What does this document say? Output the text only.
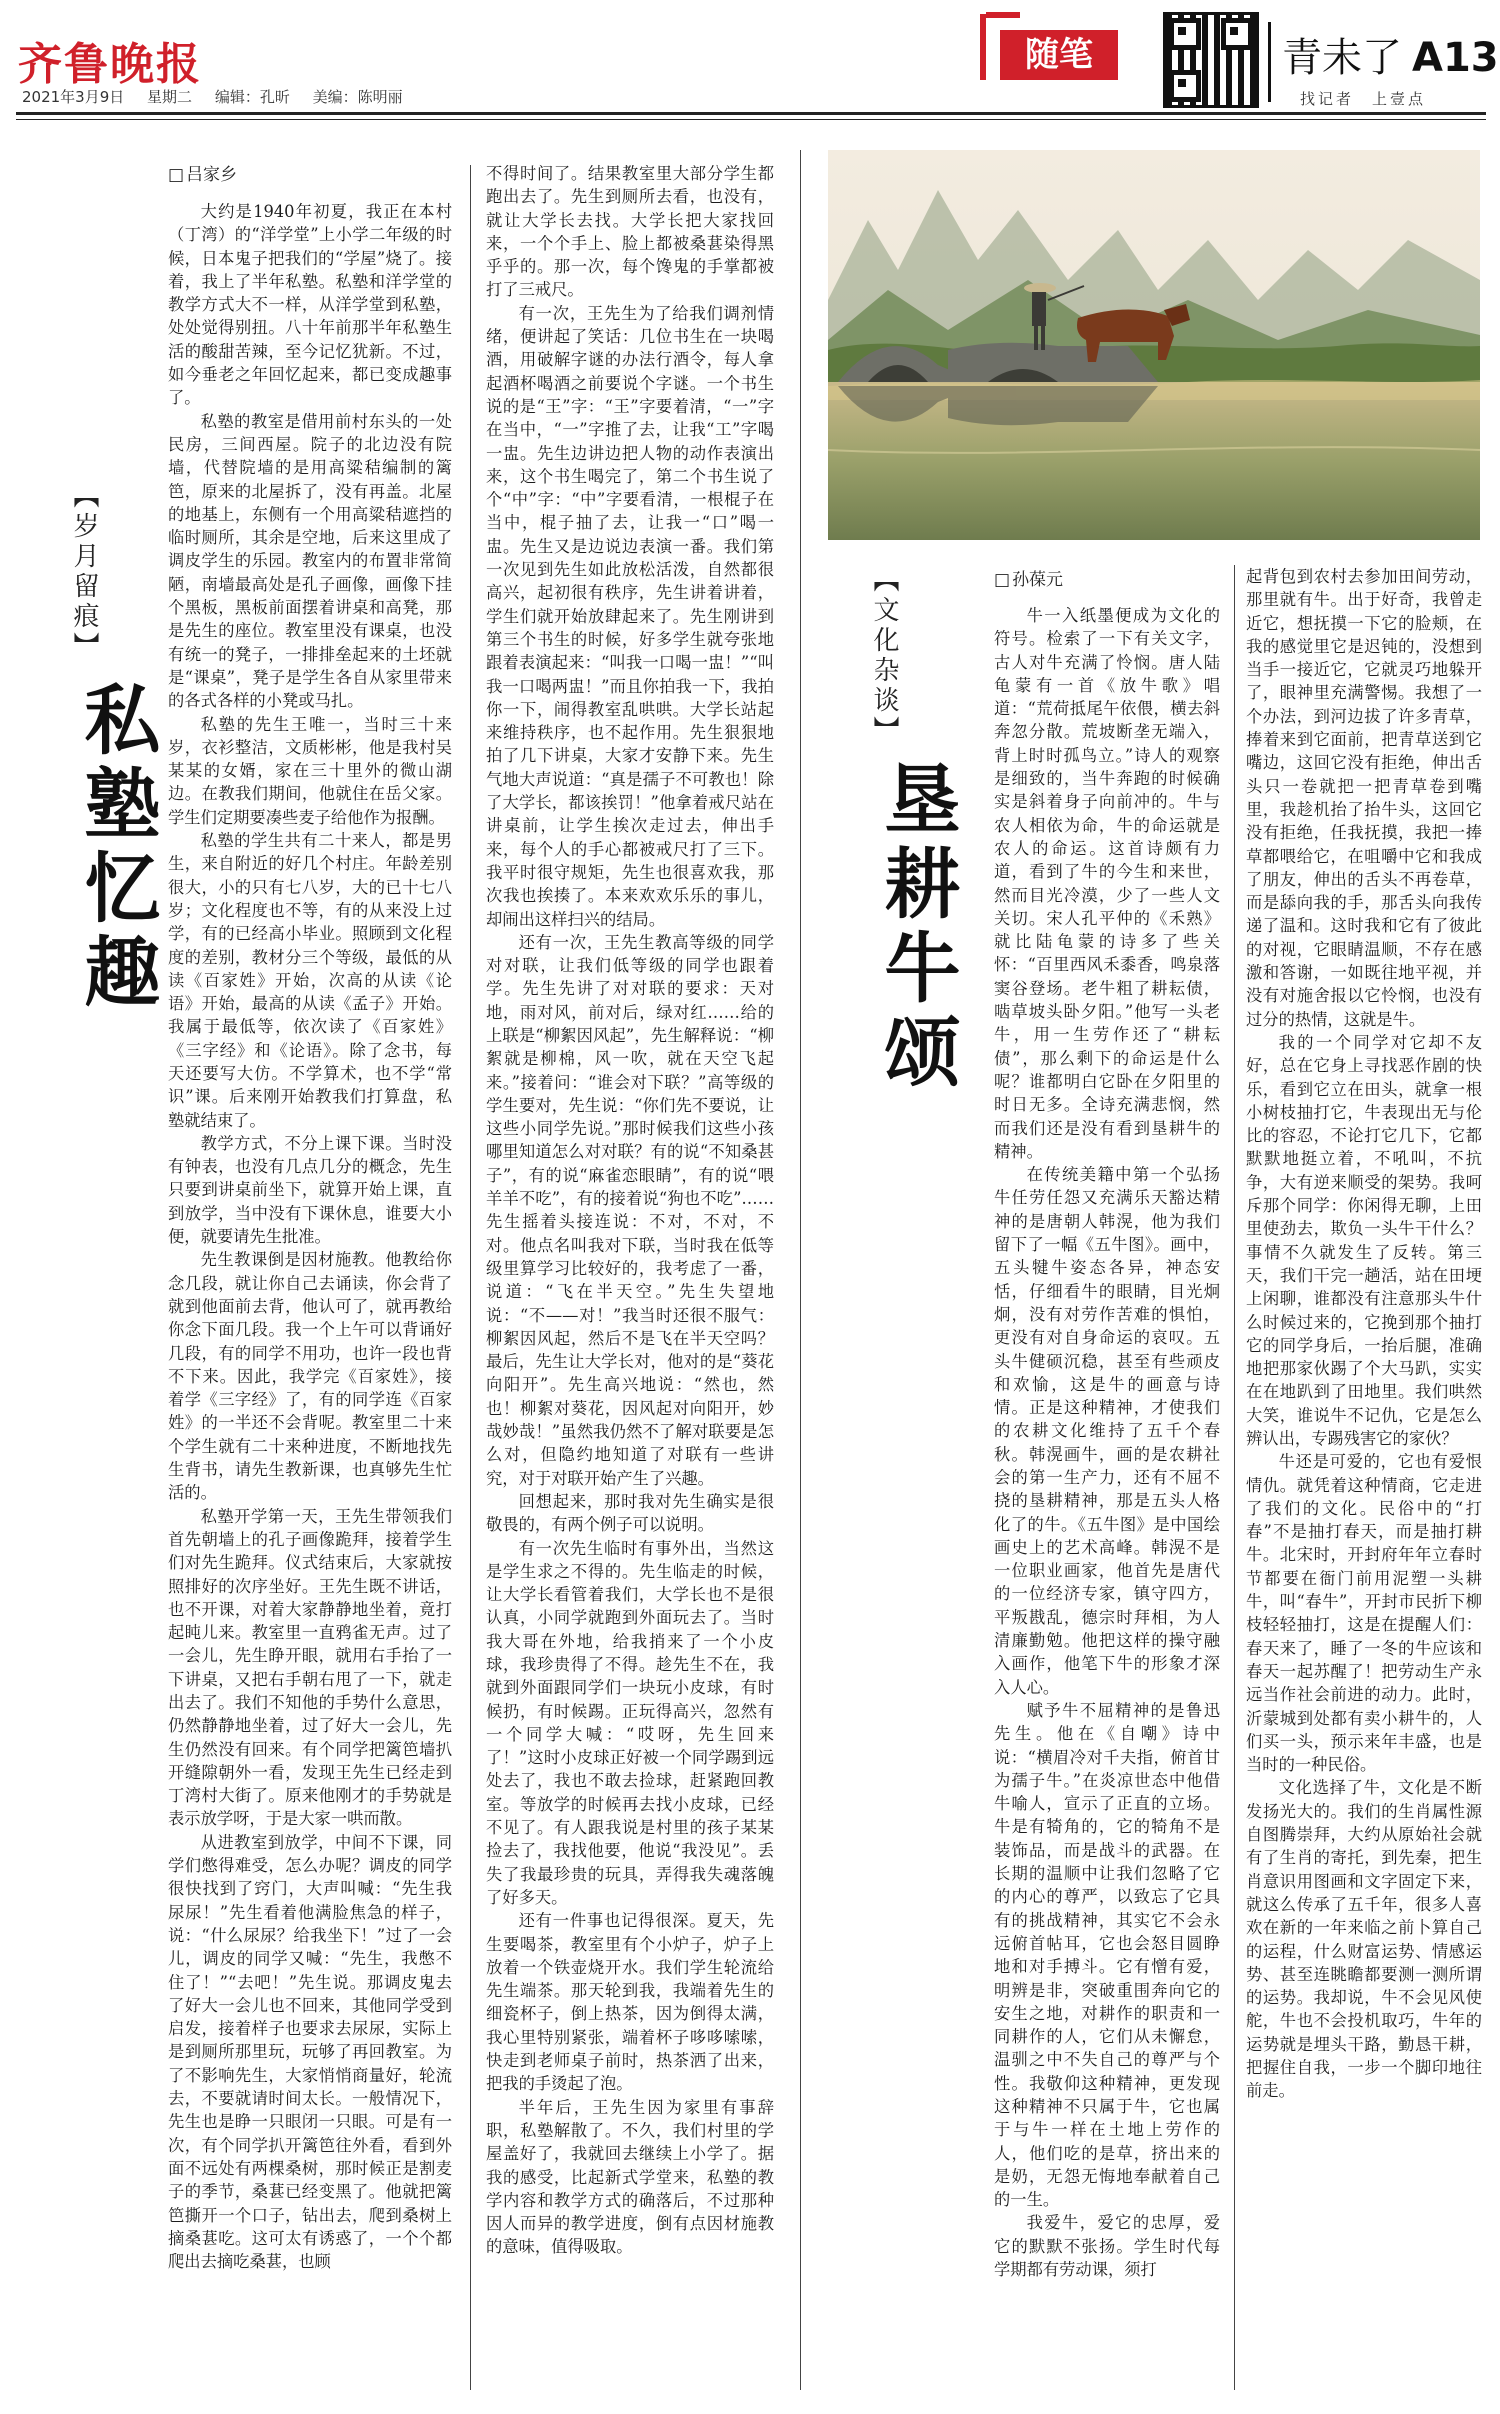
齐鲁晚报
2021年3月9日 星期二 编辑：孔昕 美编：陈明丽
随笔	青未了 A13
找记者　上壹点
【岁月留痕】
私塾忆趣
□ 吕家乡

大约是1940年初夏，我正在本村（丁湾）的“洋学堂”上小学二年级的时候，日本鬼子把我们的“学屋”烧了。接着，我上了半年私塾。私塾和洋学堂的教学方式大不一样，从洋学堂到私塾，处处觉得别扭。八十年前那半年私塾生活的酸甜苦辣，至今记忆犹新。不过，如今垂老之年回忆起来，都已变成趣事了。

私塾的教室是借用前村东头的一处民房，三间西屋。院子的北边没有院墙，代替院墙的是用高粱秸编制的篱笆，原来的北屋拆了，没有再盖。北屋的地基上，东侧有一个用高粱秸遮挡的临时厕所，其余是空地，后来这里成了调皮学生的乐园。教室内的布置非常简陋，南墙最高处是孔子画像，画像下挂个黑板，黑板前面摆着讲桌和高凳，那是先生的座位。教室里没有课桌，也没有统一的凳子，一排排垒起来的土坯就是“课桌”，凳子是学生各自从家里带来的各式各样的小凳或马扎。

私塾的先生王唯一，当时三十来岁，衣衫整洁，文质彬彬，他是我村吴某某的女婿，家在三十里外的微山湖边。在教我们期间，他就住在岳父家。学生们定期要凑些麦子给他作为报酬。

私塾的学生共有二十来人，都是男生，来自附近的好几个村庄。年龄差别很大，小的只有七八岁，大的已十七八岁；文化程度也不等，有的从来没上过学，有的已经高小毕业。照顾到文化程度的差别，教材分三个等级，最低的从读《百家姓》开始，次高的从读《论语》开始，最高的从读《孟子》开始。我属于最低等，依次读了《百家姓》《三字经》和《论语》。除了念书，每天还要写大仿。不学算术，也不学“常识”课。后来刚开始教我们打算盘，私塾就结束了。

教学方式，不分上课下课。当时没有钟表，也没有几点几分的概念，先生只要到讲桌前坐下，就算开始上课，直到放学，当中没有下课休息，谁要大小便，就要请先生批准。

先生教课倒是因材施教。他教给你念几段，就让你自己去诵读，你会背了就到他面前去背，他认可了，就再教给你念下面几段。我一个上午可以背诵好几段，有的同学不用功，也许一段也背不下来。因此，我学完《百家姓》，接着学《三字经》了，有的同学连《百家姓》的一半还不会背呢。教室里二十来个学生就有二十来种进度，不断地找先生背书，请先生教新课，也真够先生忙活的。

私塾开学第一天，王先生带领我们首先朝墙上的孔子画像跪拜，接着学生们对先生跪拜。仪式结束后，大家就按照排好的次序坐好。王先生既不讲话，也不开课，对着大家静静地坐着，竟打起盹儿来。教室里一直鸦雀无声。过了一会儿，先生睁开眼，就用右手抬了一下讲桌，又把右手朝右甩了一下，就走出去了。我们不知他的手势什么意思，仍然静静地坐着，过了好大一会儿，先生仍然没有回来。有个同学把篱笆墙扒开缝隙朝外一看，发现王先生已经走到丁湾村大街了。原来他刚才的手势就是表示放学呀，于是大家一哄而散。

从进教室到放学，中间不下课，同学们憋得难受，怎么办呢？调皮的同学很快找到了窍门，大声叫喊：“先生我尿尿！”先生看着他满脸焦急的样子，说：“什么尿尿？给我坐下！”过了一会儿，调皮的同学又喊：“先生，我憋不住了！”“去吧！”先生说。那调皮鬼去了好大一会儿也不回来，其他同学受到启发，接着样子也要求去尿尿，实际上是到厕所那里玩，玩够了再回教室。为了不影响先生，大家悄悄商量好，轮流去，不要就请时间太长。一般情况下，先生也是睁一只眼闭一只眼。可是有一次，有个同学扒开篱笆往外看，看到外面不远处有两棵桑树，那时候正是割麦子的季节，桑葚已经变黑了。他就把篱笆撕开一个口子，钻出去，爬到桑树上摘桑葚吃。这可太有诱惑了，一个个都爬出去摘吃桑葚，也顾

不得时间了。结果教室里大部分学生都跑出去了。先生到厕所去看，也没有，就让大学长去找。大学长把大家找回来，一个个手上、脸上都被桑葚染得黑乎乎的。那一次，每个馋鬼的手掌都被打了三戒尺。

有一次，王先生为了给我们调剂情绪，便讲起了笑话：几位书生在一块喝酒，用破解字谜的办法行酒令，每人拿起酒杯喝酒之前要说个字谜。一个书生说的是“王”字：“王”字要着清，“一”字在当中，“一”字推了去，让我“工”字喝一盅。先生边讲边把人物的动作表演出来，这个书生喝完了，第二个书生说了个“中”字：“中”字要看清，一根棍子在当中，棍子抽了去，让我一“口”喝一盅。先生又是边说边表演一番。我们第一次见到先生如此放松活泼，自然都很高兴，起初很有秩序，先生讲着讲着，学生们就开始放肆起来了。先生刚讲到第三个书生的时候，好多学生就夸张地跟着表演起来：“叫我一口喝一盅！”“叫我一口喝两盅！”而且你拍我一下，我拍你一下，闹得教室乱哄哄。大学长站起来维持秩序，也不起作用。先生狠狠地拍了几下讲桌，大家才安静下来。先生气地大声说道：“真是孺子不可教也！除了大学长，都该挨罚！”他拿着戒尺站在讲桌前，让学生挨次走过去，伸出手来，每个人的手心都被戒尺打了三下。我平时很守规矩，先生也很喜欢我，那次我也挨揍了。本来欢欢乐乐的事儿，却闹出这样扫兴的结局。

还有一次，王先生教高等级的同学对对联，让我们低等级的同学也跟着学。先生先讲了对对联的要求：天对地，雨对风，前对后，绿对红……给的上联是“柳絮因风起”，先生解释说：“柳絮就是柳棉，风一吹，就在天空飞起来。”接着问：“谁会对下联？”高等级的学生要对，先生说：“你们先不要说，让这些小同学先说。”那时候我们这些小孩哪里知道怎么对对联？有的说“不知桑甚子”，有的说“麻雀恋眼睛”，有的说“喂羊羊不吃”，有的接着说“狗也不吃”……先生摇着头接连说：不对，不对，不对。他点名叫我对下联，当时我在低等级里算学习比较好的，我考虑了一番，说道：“飞在半天空。”先生失望地说：“不——对！”我当时还很不服气：柳絮因风起，然后不是飞在半天空吗？最后，先生让大学长对，他对的是“葵花向阳开”。先生高兴地说：“然也，然也！柳絮对葵花，因风起对向阳开，妙哉妙哉！”虽然我仍然不了解对联要是怎么对，但隐约地知道了对联有一些讲究，对于对联开始产生了兴趣。

回想起来，那时我对先生确实是很敬畏的，有两个例子可以说明。

有一次先生临时有事外出，当然这是学生求之不得的。先生临走的时候，让大学长看管着我们，大学长也不是很认真，小同学就跑到外面玩去了。当时我大哥在外地，给我捎来了一个小皮球，我珍贵得了不得。趁先生不在，我就到外面跟同学们一块玩小皮球，有时候扔，有时候踢。正玩得高兴，忽然有一个同学大喊：“哎呀，先生回来了！”这时小皮球正好被一个同学踢到远处去了，我也不敢去捡球，赶紧跑回教室。等放学的时候再去找小皮球，已经不见了。有人跟我说是村里的孩子某某捡去了，我找他要，他说“我没见”。丢失了我最珍贵的玩具，弄得我失魂落魄了好多天。

还有一件事也记得很深。夏天，先生要喝茶，教室里有个小炉子，炉子上放着一个铁壶烧开水。我们学生轮流给先生端茶。那天轮到我，我端着先生的细瓷杯子，倒上热茶，因为倒得太满，我心里特别紧张，端着杯子哆哆嗦嗦，快走到老师桌子前时，热茶洒了出来，把我的手烫起了泡。

半年后，王先生因为家里有事辞职，私塾解散了。不久，我们村里的学屋盖好了，我就回去继续上小学了。据我的感受，比起新式学堂来，私塾的教学内容和教学方式的确落后，不过那种因人而异的教学进度，倒有点因材施教的意味，值得吸取。

【文化杂谈】
垦耕牛颂
□ 孙葆元

牛一入纸墨便成为文化的符号。检索了一下有关文字，古人对牛充满了怜悯。唐人陆龟蒙有一首《放牛歌》唱道：“荒荷抵尾午依偎，横去斜奔忽分散。荒坡断垄无端入，背上时时孤鸟立。”诗人的观察是细致的，当牛奔跑的时候确实是斜着身子向前冲的。牛与农人相依为命，牛的命运就是农人的命运。这首诗颇有力道，看到了牛的今生和来世，然而目光冷漠，少了一些人文关切。宋人孔平仲的《禾熟》就比陆龟蒙的诗多了些关怀：“百里西风禾黍香，鸣泉落窦谷登场。老牛粗了耕耘债，啮草坡头卧夕阳。”他写一头老牛，用一生劳作还了“耕耘债”，那么剩下的命运是什么呢？谁都明白它卧在夕阳里的时日无多。全诗充满悲悯，然而我们还是没有看到垦耕牛的精神。

在传统美籍中第一个弘扬牛任劳任怨又充满乐天豁达精神的是唐朝人韩滉，他为我们留下了一幅《五牛图》。画中，五头犍牛姿态各异，神态安恬，仔细看牛的眼睛，目光炯炯，没有对劳作苦难的惧怕，更没有对自身命运的哀叹。五头牛健硕沉稳，甚至有些顽皮和欢愉，这是牛的画意与诗情。正是这种精神，才使我们的农耕文化维持了五千个春秋。韩滉画牛，画的是农耕社会的第一生产力，还有不屈不挠的垦耕精神，那是五头人格化了的牛。《五牛图》是中国绘画史上的艺术高峰。韩滉不是一位职业画家，他首先是唐代的一位经济专家，镇守四方，平叛戡乱，德宗时拜相，为人清廉勤勉。他把这样的操守融入画作，他笔下牛的形象才深入人心。

赋予牛不屈精神的是鲁迅先生。他在《自嘲》诗中说：“横眉冷对千夫指，俯首甘为孺子牛。”在炎凉世态中他借牛喻人，宣示了正直的立场。牛是有犄角的，它的犄角不是装饰品，而是战斗的武器。在长期的温顺中让我们忽略了它的内心的尊严，以致忘了它具有的挑战精神，其实它不会永远俯首帖耳，它也会怒目圆睁地和对手搏斗。它有憎有爱，明辨是非，突破重围奔向它的安生之地，对耕作的职责和一同耕作的人，它们从未懈怠，温驯之中不失自己的尊严与个性。我敬仰这种精神，更发现这种精神不只属于牛，它也属于与牛一样在土地上劳作的人，他们吃的是草，挤出来的是奶，无怨无悔地奉献着自己的一生。

我爱牛，爱它的忠厚，爱它的默默不张扬。学生时代每学期都有劳动课，须打

起背包到农村去参加田间劳动，那里就有牛。出于好奇，我曾走近它，想抚摸一下它的脸颊，在我的感觉里它是迟钝的，没想到当手一接近它，它就灵巧地躲开了，眼神里充满警惕。我想了一个办法，到河边拔了许多青草，捧着来到它面前，把青草送到它嘴边，这回它没有拒绝，伸出舌头只一卷就把一把青草卷到嘴里，我趁机抬了抬牛头，这回它没有拒绝，任我抚摸，我把一捧草都喂给它，在咀嚼中它和我成了朋友，伸出的舌头不再卷草，而是舔向我的手，那舌头向我传递了温和。这时我和它有了彼此的对视，它眼睛温顺，不存在感激和答谢，一如既往地平视，并没有对施舍报以它怜悯，也没有过分的热情，这就是牛。

我的一个同学对它却不友好，总在它身上寻找恶作剧的快乐，看到它立在田头，就拿一根小树枝抽打它，牛表现出无与伦比的容忍，不论打它几下，它都默默地挺立着，不吼叫，不抗争，大有逆来顺受的架势。我呵斥那个同学：你闲得无聊，上田里使劲去，欺负一头牛干什么？事情不久就发生了反转。第三天，我们干完一趟活，站在田埂上闲聊，谁都没有注意那头牛什么时候过来的，它挽到那个抽打它的同学身后，一抬后腿，准确地把那家伙踢了个大马趴，实实在在地趴到了田地里。我们哄然大笑，谁说牛不记仇，它是怎么辨认出，专踢残害它的家伙？

牛还是可爱的，它也有爱恨情仇。就凭着这种情商，它走进了我们的文化。民俗中的“打春”不是抽打春天，而是抽打耕牛。北宋时，开封府年年立春时节都要在衙门前用泥塑一头耕牛，叫“春牛”，开封市民折下柳枝轻轻抽打，这是在提醒人们：春天来了，睡了一冬的牛应该和春天一起苏醒了！把劳动生产永远当作社会前进的动力。此时，沂蒙城到处都有卖小耕牛的，人们买一头，预示来年丰盛，也是当时的一种民俗。

文化选择了牛，文化是不断发扬光大的。我们的生肖属性源自图腾崇拜，大约从原始社会就有了生肖的寄托，到先秦，把生肖意识用图画和文字固定下来，就这么传承了五千年，很多人喜欢在新的一年来临之前卜算自己的运程，什么财富运势、情感运势、甚至连眺瞻都要测一测所谓的运势。我却说，牛不会见风使舵，牛也不会投机取巧，牛年的运势就是埋头干路，勤恳干耕，把握住自我，一步一个脚印地往前走。
